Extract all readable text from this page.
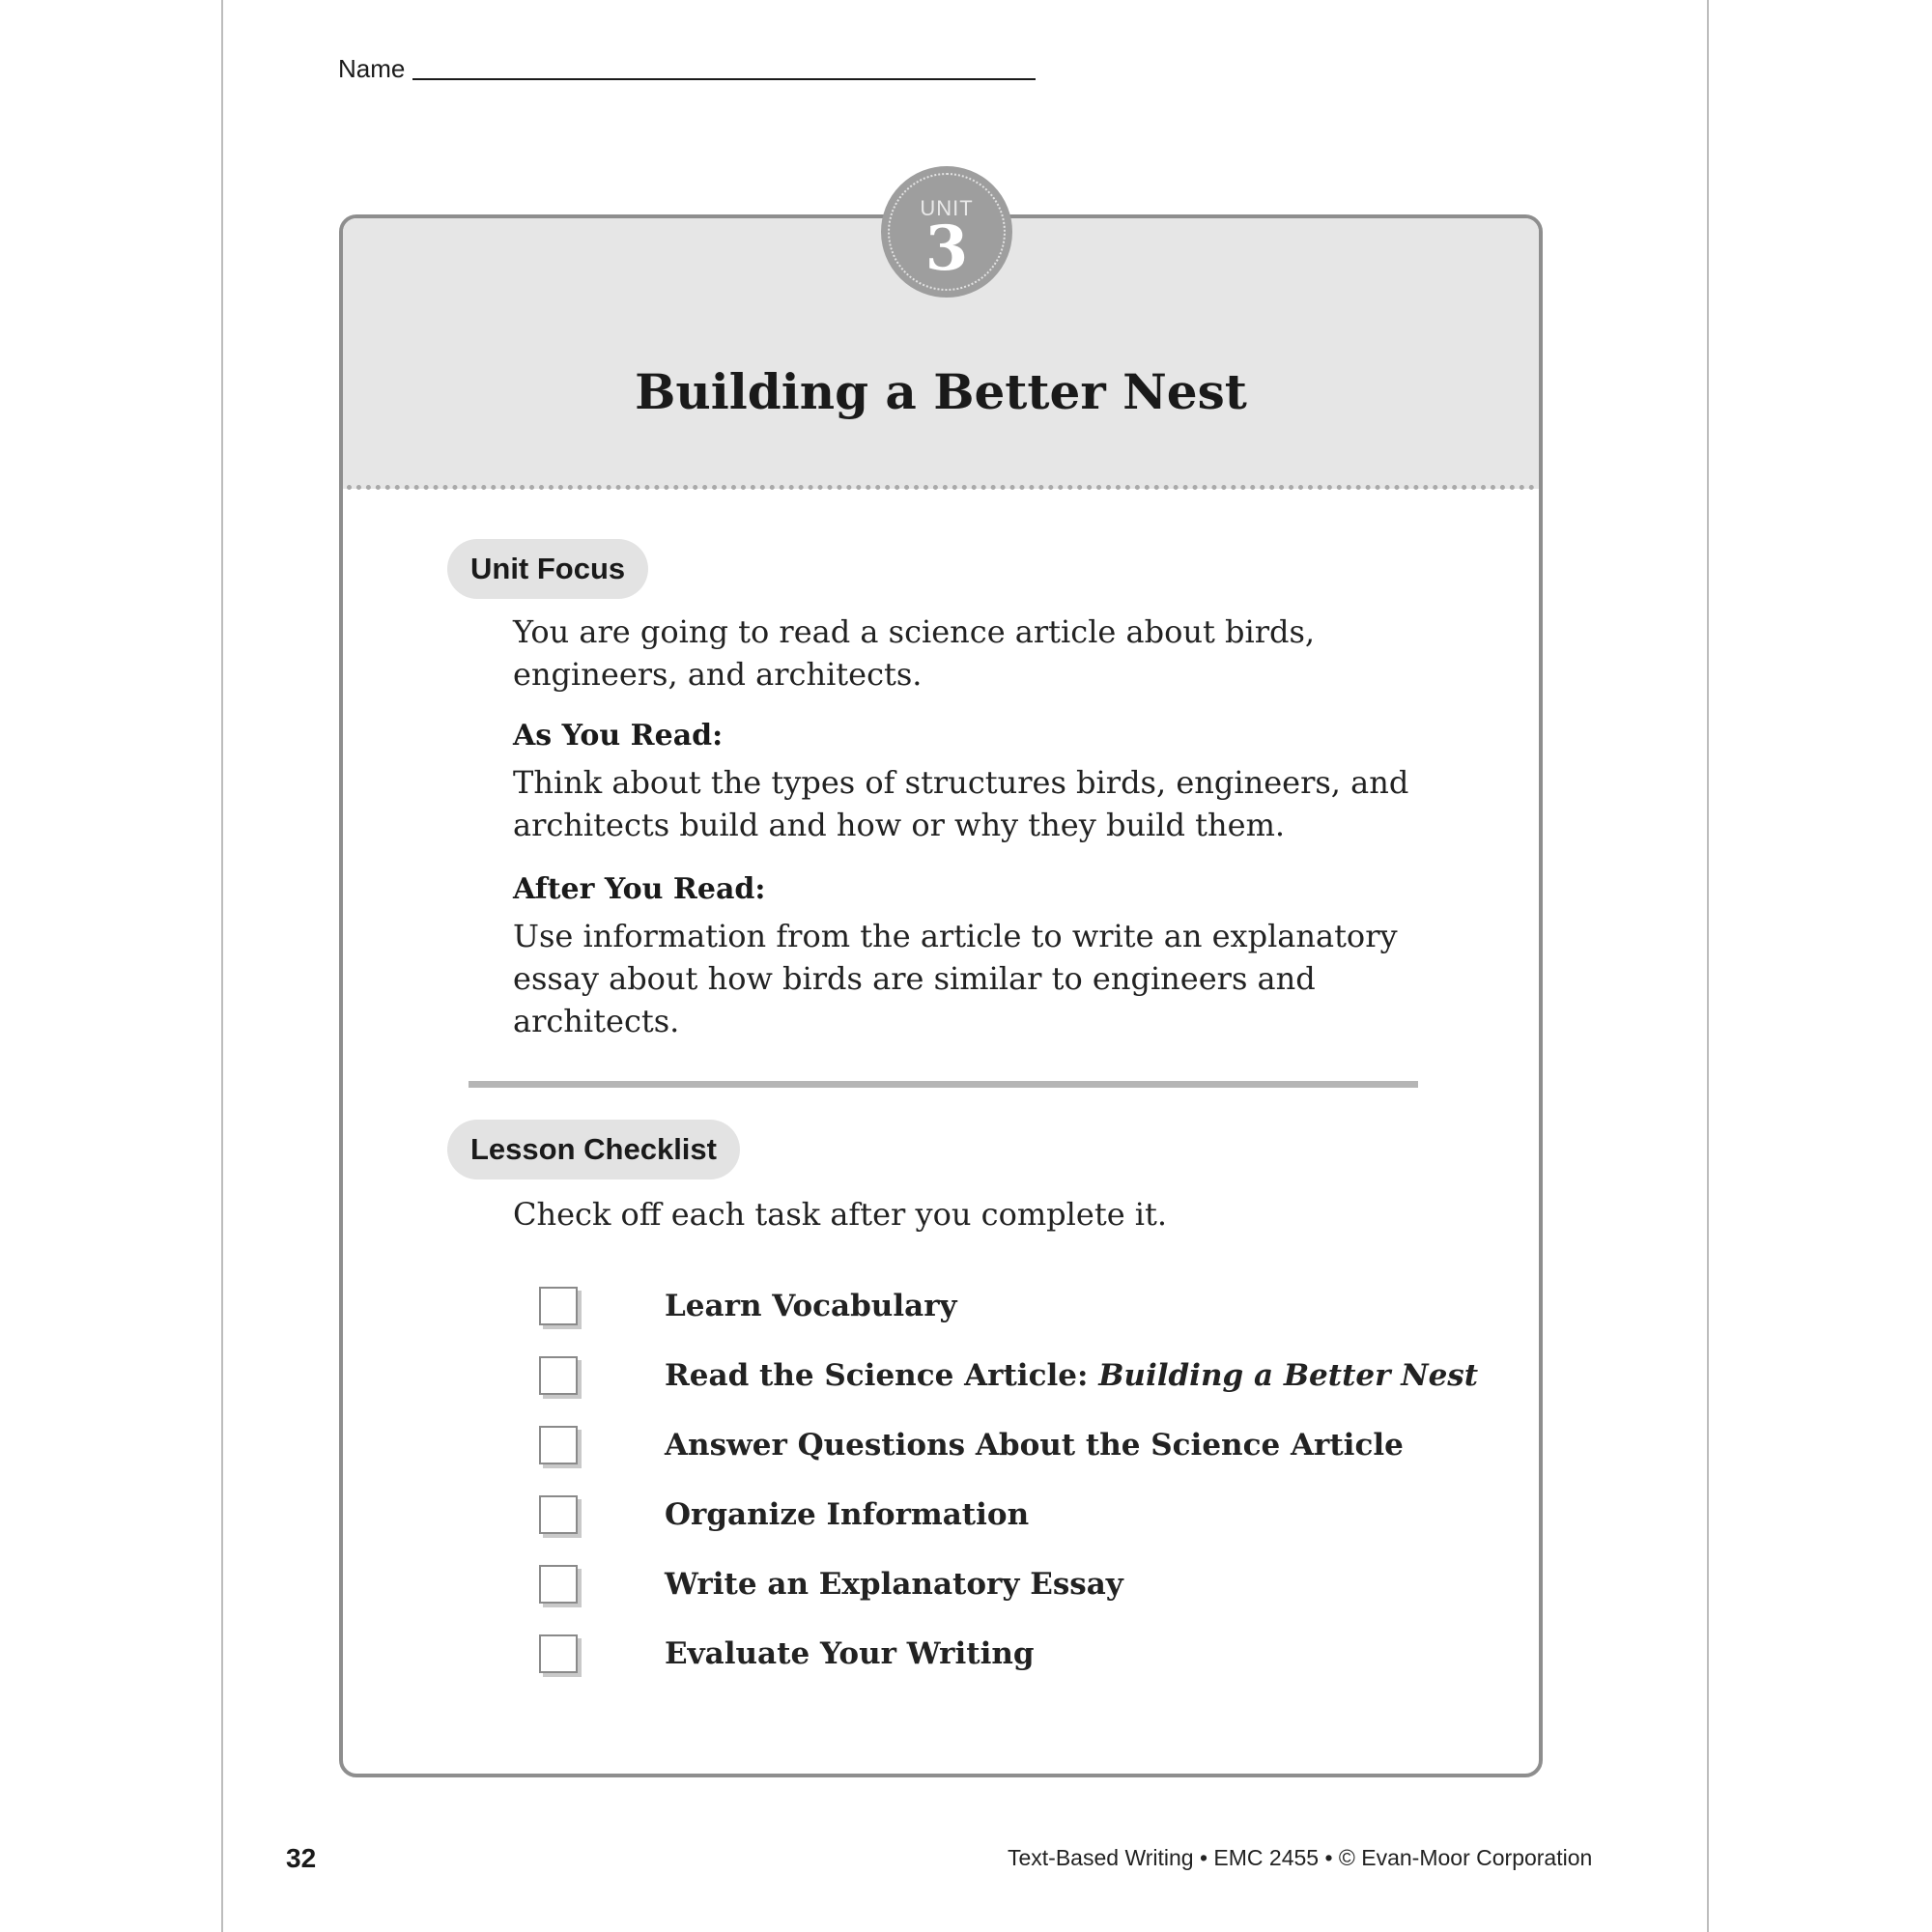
Name
UNIT
3
Building a Better Nest
Unit Focus
You are going to read a science article about birds, engineers, and architects.
As You Read:
Think about the types of structures birds, engineers, and architects build and how or why they build them.
After You Read:
Use information from the article to write an explanatory essay about how birds are similar to engineers and architects.
Lesson Checklist
Check off each task after you complete it.
Learn Vocabulary
Read the Science Article: Building a Better Nest
Answer Questions About the Science Article
Organize Information
Write an Explanatory Essay
Evaluate Your Writing
32	Text-Based Writing • EMC 2455 • © Evan-Moor Corporation
